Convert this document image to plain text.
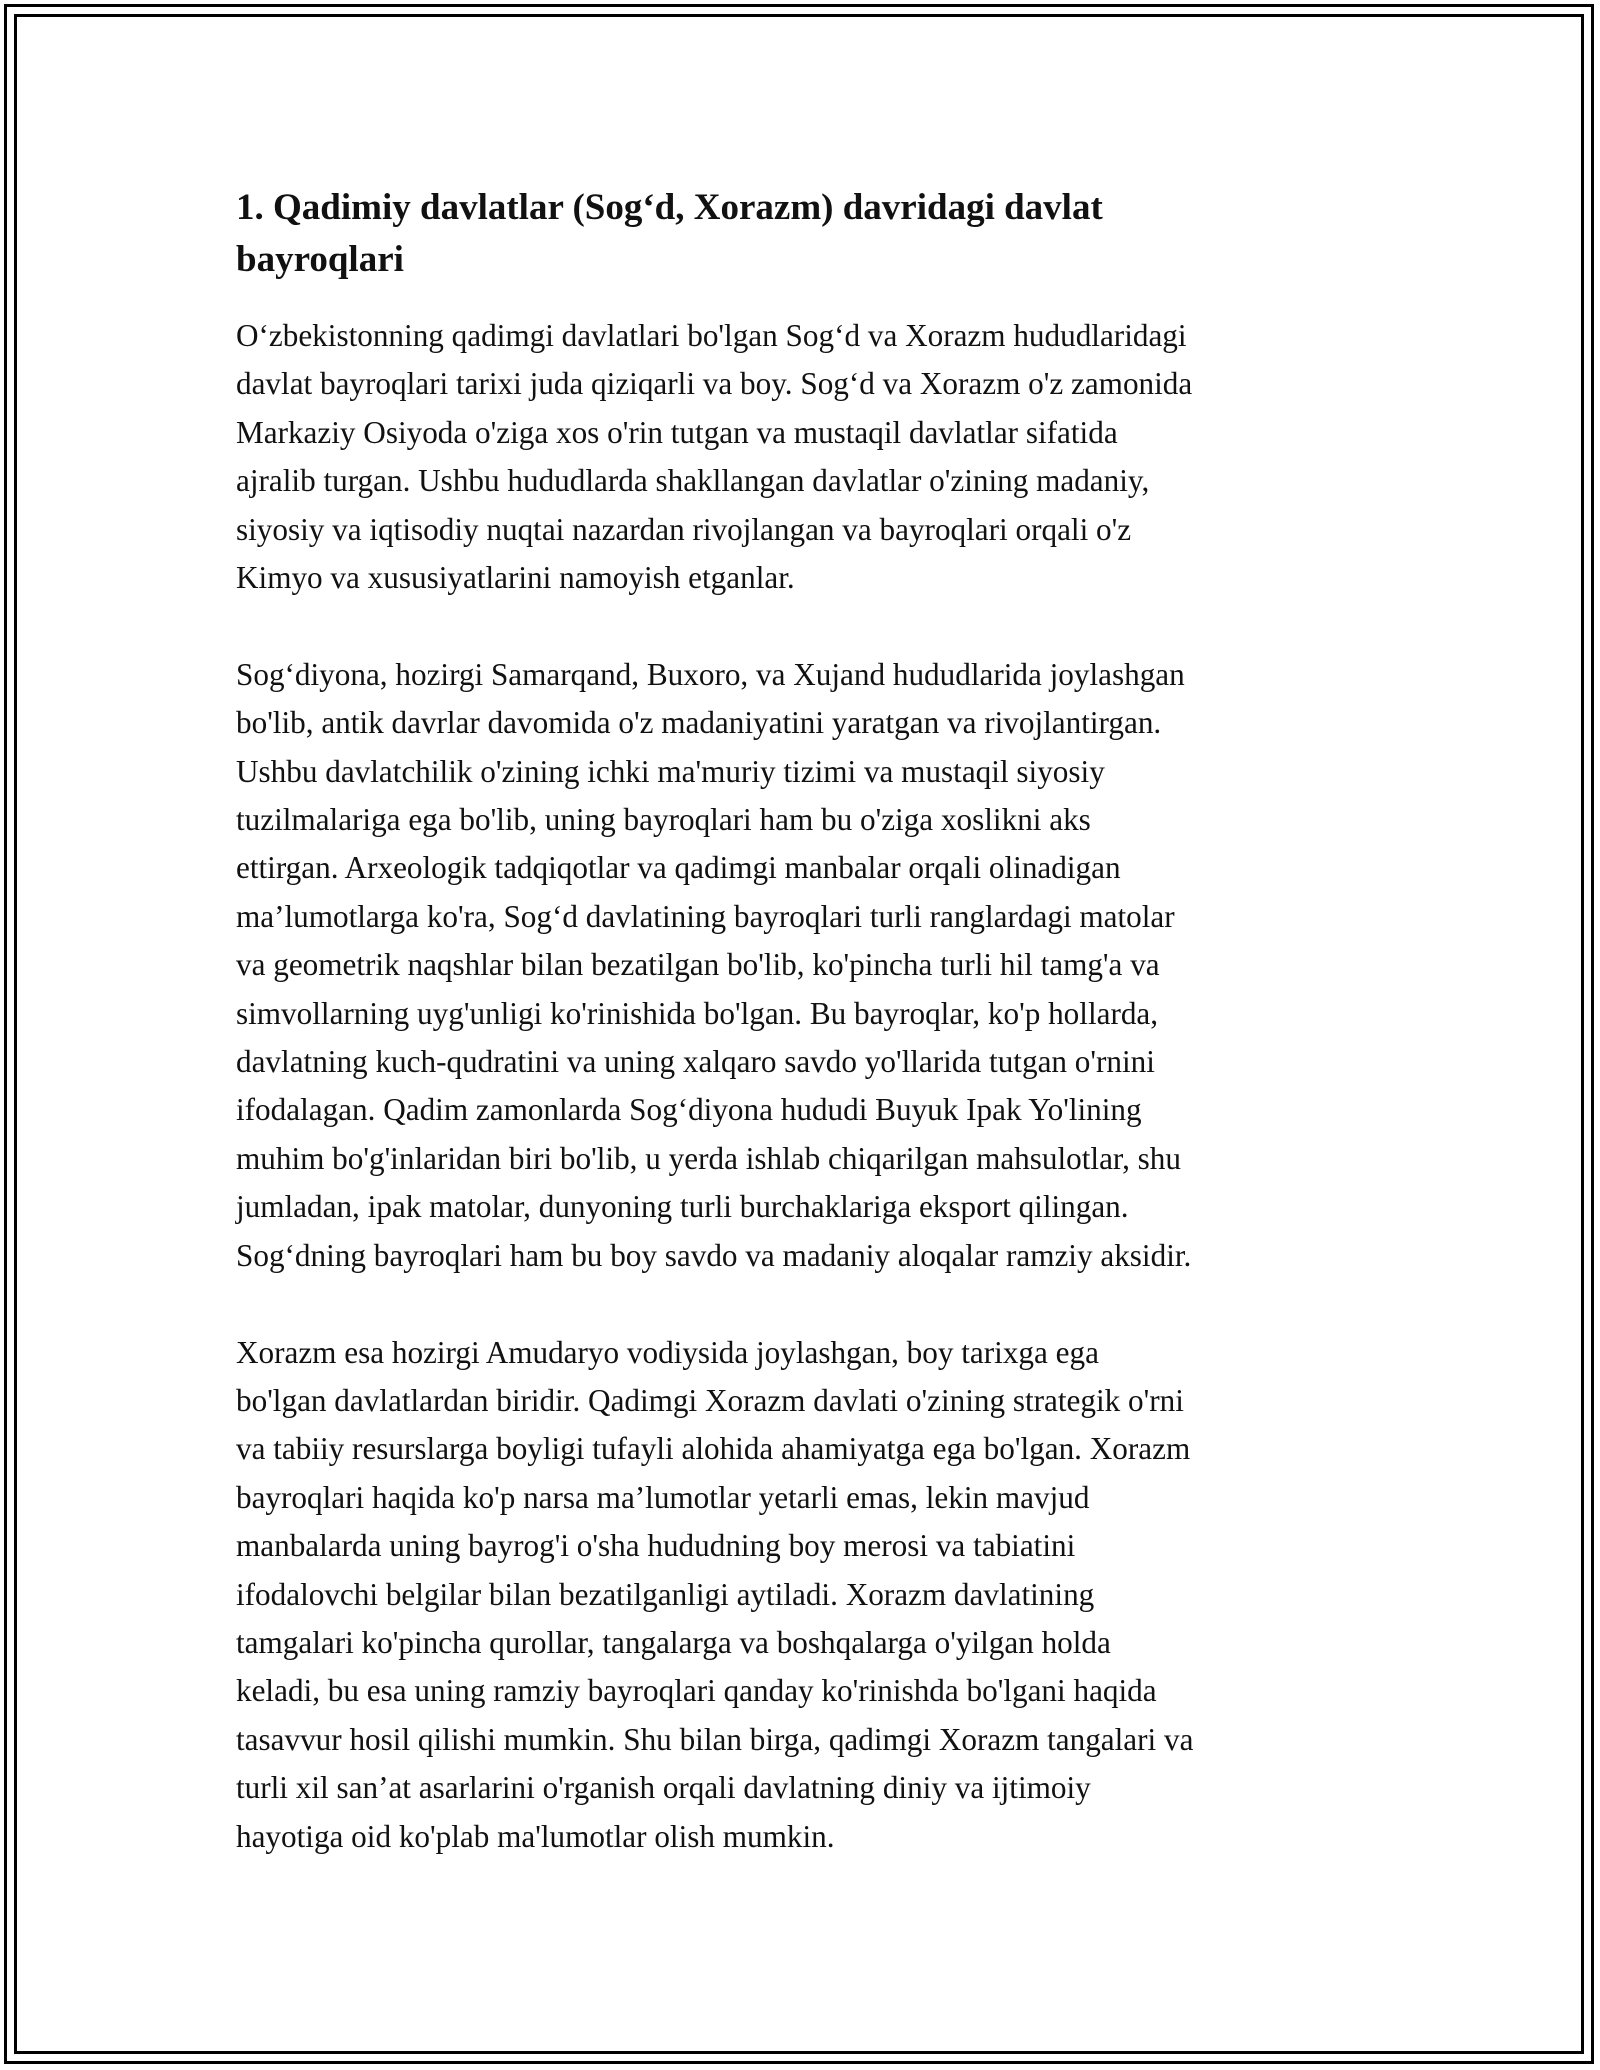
1. Qadimiy davlatlar (Sog‘d, Xorazm) davridagi davlat
bayroqlari

O‘zbekistonning qadimgi davlatlari bo'lgan Sog‘d va Xorazm hududlaridagi
davlat bayroqlari tarixi juda qiziqarli va boy. Sog‘d va Xorazm o'z zamonida
Markaziy Osiyoda o'ziga xos o'rin tutgan va mustaqil davlatlar sifatida
ajralib turgan. Ushbu hududlarda shakllangan davlatlar o'zining madaniy,
siyosiy va iqtisodiy nuqtai nazardan rivojlangan va bayroqlari orqali o'z
Kimyo va xususiyatlarini namoyish etganlar.

Sog‘diyona, hozirgi Samarqand, Buxoro, va Xujand hududlarida joylashgan
bo'lib, antik davrlar davomida o'z madaniyatini yaratgan va rivojlantirgan.
Ushbu davlatchilik o'zining ichki ma'muriy tizimi va mustaqil siyosiy
tuzilmalariga ega bo'lib, uning bayroqlari ham bu o'ziga xoslikni aks
ettirgan. Arxeologik tadqiqotlar va qadimgi manbalar orqali olinadigan
ma’lumotlarga ko'ra, Sog‘d davlatining bayroqlari turli ranglardagi matolar
va geometrik naqshlar bilan bezatilgan bo'lib, ko'pincha turli hil tamg'a va
simvollarning uyg'unligi ko'rinishida bo'lgan. Bu bayroqlar, ko'p hollarda,
davlatning kuch-qudratini va uning xalqaro savdo yo'llarida tutgan o'rnini
ifodalagan. Qadim zamonlarda Sog‘diyona hududi Buyuk Ipak Yo'lining
muhim bo'g'inlaridan biri bo'lib, u yerda ishlab chiqarilgan mahsulotlar, shu
jumladan, ipak matolar, dunyoning turli burchaklariga eksport qilingan.
Sog‘dning bayroqlari ham bu boy savdo va madaniy aloqalar ramziy aksidir.

Xorazm esa hozirgi Amudaryo vodiysida joylashgan, boy tarixga ega
bo'lgan davlatlardan biridir. Qadimgi Xorazm davlati o'zining strategik o'rni
va tabiiy resurslarga boyligi tufayli alohida ahamiyatga ega bo'lgan. Xorazm
bayroqlari haqida ko'p narsa ma’lumotlar yetarli emas, lekin mavjud
manbalarda uning bayrog'i o'sha hududning boy merosi va tabiatini
ifodalovchi belgilar bilan bezatilganligi aytiladi. Xorazm davlatining
tamgalari ko'pincha qurollar, tangalarga va boshqalarga o'yilgan holda
keladi, bu esa uning ramziy bayroqlari qanday ko'rinishda bo'lgani haqida
tasavvur hosil qilishi mumkin. Shu bilan birga, qadimgi Xorazm tangalari va
turli xil san’at asarlarini o'rganish orqali davlatning diniy va ijtimoiy
hayotiga oid ko'plab ma'lumotlar olish mumkin.
